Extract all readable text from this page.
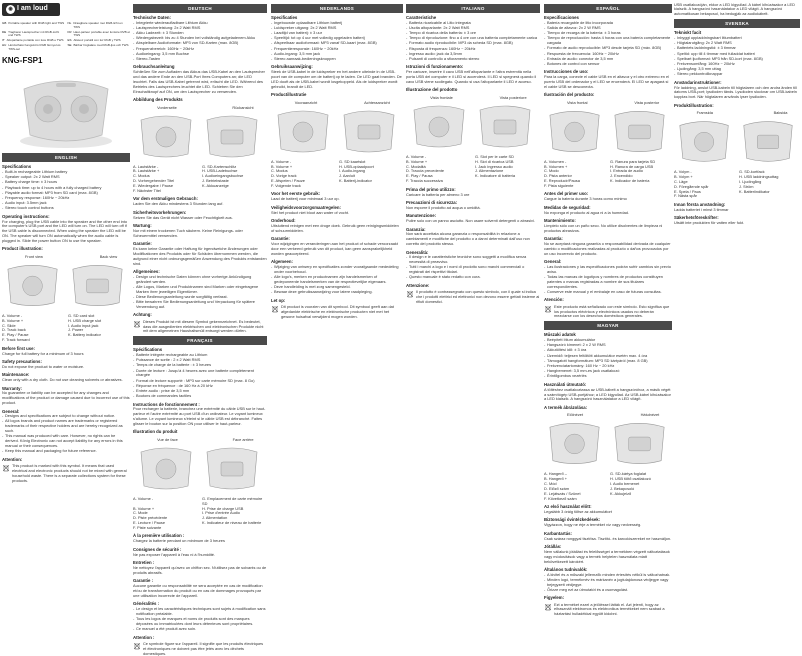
◉ I am loud
GB Portable speaker with RGB light and TWS NL Draagbare speaker met RGB-licht en TWS
DE Tragbarer Lautsprecher mit RGB-Licht und TWS
FR Haut-parleur portable avec lumière RVB et TWS
IT Altoparlante portatile con luce RGB e TWS ES Altavoz portátil con luz RGB y TWS
HU Hordozható hangszóró RGB fénnyel és TWS-sel
SE Bärbar högtalare med RGB-ljus och TWS
KNG-FSP1
ENGLISH
Specifications
- Built-in rechargeable Lithium battery
- Speaker output: 2x 2 Watt RMS
- Battery charge time: ± 3 hours
- Playback time: up to 4 hours with a fully charged battery
- Playable audio format: MP3 from SD card (max. 8GB)
- Frequency response: 160Hz ~ 20kHz
- Audio input: 3.5mm jack
- Stereo touch control buttons
Operating instructions:

For charging, plug the USB cable into the speaker and the other end into the computer's USB port and the LED will turn on. The LED will turn off if the USB cable is disconnected. When using the speaker the LED will be ON. The speaker will turn ON automatically when the audio cable is plugged in. Slide the power button ON to use the speaker.

Product illustration:
Front view	Back view
A. Volume -	G. SD card slot
B. Volume +	H. USB charge slot
C. Slide	I. Audio input jack
D. Track back	J. Power
E. Play / Pause	K. Battery indicator
F. Track forward
Before first use:

Charge for full battery for a minimum of 3 hours

Safety precautions:

Do not expose the product to water or moisture.

Maintenance:

Clean only with a dry cloth. Do not use cleaning solvents or abrasives.

Warranty:

No guarantee or liability can be accepted for any changes and modifications of the product or damage caused due to incorrect use of this product.

General:
- Designs and specifications are subject to change without notice.
- All logos brands and product names are trademarks or registered trademarks of their respective holders and are hereby recognized as such.
- This manual was produced with care. However, no rights can be derived. König Electronic can not accept liability for any errors in this manual or their consequences.
- Keep this manual and packaging for future reference.
Attention:

This product is marked with this symbol. It means that used electrical and electronic products should not be mixed with general household waste. There is a separate collections system for these products.

DEUTSCH
Technische Daten:
- Integrierte wiederaufladbare Lithium Akku
- Lautsprecherleistung: 2x 2 Watt RMS
- Akku Ladezeit: ± 3 Stunden
- Wiedergabezeit: bis zu 4 Stunden bei vollständig aufgeladenem Akku
- Abspielbare Audioformate: MP3 von SD-Karten (max. 8GB)
- Frequenzbereich: 160Hz ~ 20kHz
- Audioeingang: 3,5 mm Buchse
- Stereo-Tasten
Gebrauchsanleitung

Schließen Sie zum Aufladen das Akkus das USB-Kabel an den Lautsprecher und das andere Ende an den USB-Port Ihres Computers an; die LED leuchtet. Falls das USB-Kabel getrennt wird, erlischt die LED. Während des Betriebs des Lautsprechers leuchtet die LED. Schieben Sie den Einschaltknopf auf ON, um den Lautsprecher zu verwenden.

Abbildung des Produkts
Vorderseite	Rückansicht
A. Lautstärke -	G. SD-Kartenschlitz
B. Lautstärke +	H. USB-Ladebuchse
C. Modus	I. Audioeingangsbuchse
D. Vorhergehender Titel	J. Betriebstaste
E. Wiedergabe / Pause	K. Akkuanzeige
F. Nächster Titel
Vor dem erstmaligen Gebrauch:

Laden Sie den Akku mindestens 3 Stunden lang auf.

Sicherheitsvorkehrungen:

Setzen Sie das Gerät nicht Wasser oder Feuchtigkeit aus.

Wartung:

Nur mit einem trockenen Tuch säubern. Keine Reinigungs- oder Scheuermittel verwenden.

Garantie:

Es kann keine Garantie oder Haftung für irgendwelche Änderungen oder Modifikationen des Produkts oder für Schäden übernommen werden, die aufgrund einer nicht ordnungsgemäßen Anwendung des Produkts entstanden sind.

Allgemeines:
- Design und technische Daten können ohne vorherige Ankündigung geändert werden.
- Alle Logos, Marken und Produktnamen sind Marken oder eingetragene Marken ihrer jeweiligen Eigentümer.
- Diese Bedienungsanleitung wurde sorgfältig verfasst.
- Bitte bewahren Sie Bedienungsanleitung und Verpackung für spätere Verwendung auf.
Achtung:

Dieses Produkt ist mit diesem Symbol gekennzeichnet. Es bedeutet, dass die ausgedienten elektrischen und elektronischen Produkte nicht mit dem allgemeinen Haushaltsmüll entsorgt werden dürfen.

FRANÇAIS
Spécifications
- Batterie intégrée rechargeable au Lithium
- Puissance de sortie : 2 x 2 Watt RMS
- Temps de charge de la batterie : ± 3 heures
- Durée de lecture : Jusqu'à 4 heures avec une batterie complètement chargée
- Format de lecture supporté : MP3 sur carte mémoire SD (max. 8 Go)
- Réponse en fréquence : de 160 Hz à 20 kHz
- Entrée audio : prise de 3,5 mm
- Boutons de commandes tactiles
Instructions de fonctionnement :

Pour recharger la batterie, branchez une extrémité du câble USB sur le haut-parleur et l'autre extrémité au port USB d'un ordinateur. Le voyant lumineux s'allume. Le voyant lumineux s'éteint si le câble USB est débranché. Faites glisser le bouton sur la position ON pour utiliser le haut-parleur.

Illustration du produit
Vue de face	Face arrière
A. Volume -	G. Emplacement de carte mémoire SD
B. Volume +	H. Prise de charge USB
C. Mode	I. Prise d'entrée Audio
D. Piste précédente	J. Alimentation
E. Lecture / Pause	K. Indicateur de niveau de batterie
F. Piste suivante
À la première utilisation :

Chargez la batterie pendant un minimum de 3 heures

Consignes de sécurité :

Ne pas exposer l'appareil à l'eau ni à l'humidité.

Entretien :

Ne nettoyez l'appareil qu'avec un chiffon sec. N'utilisez pas de solvants ou de produits abrasifs.

Garantie :

Aucune garantie ou responsabilité ne sera acceptée en cas de modification et/ou de transformation du produit ou en cas de dommages provoqués par une utilisation incorrecte de l'appareil.

Généralités :
- Le design et les caractéristiques techniques sont sujets à modification sans notification préalable.
- Tous les logos de marques et noms de produits sont des marques déposées ou immatriculées dont leurs détenteurs sont propriétaires.
- Ce manuel a été produit avec soin.
Attention :

Ce symbole figure sur l'appareil. Il signifie que les produits électriques et électroniques ne doivent pas être jetés avec les déchets domestiques.

NEDERLANDS
Specificaties
- Ingebouwde oplaadbare Lithium batterij
- Luidspreker uitgang: 2x 2 Watt RMS
- Laadtijd van batterij: ± 3 uur
- Speeltijd: tot op 4 uur met volledig opgeladen batterij
- Afspeelbaar audioformaat: MP3 vanaf SD-kaart (max. 8GB)
- Frequentieresponsie: 160Hz ~ 20kHz
- Audio-ingang: 3,5 mm jack
- Stereo aanraak-bedieningsknoppen
Gebruiksaanwijzing:

Steek de USB-kabel in de luidspreker en het andere uiteinde in de USB-poort van de computer om de batterij op te laden. De LED gaat branden. De LED dooft als de USB-kabel wordt losgekoppeld. Als de luidspreker wordt gebruikt, brandt de LED.

Productillustratie
Vooraanzicht	Achteraanzicht
A. Volume -	G. SD kaartslot
B. Volume +	H. USB-oplaadpoort
C. Modus	I. Audio-ingang
D. Vorige track	J. Aan/uit
E. Afspelen / Pauze	K. Batterij-indicator
F. Volgende track
Voor het eerste gebruik:

Laad de batterij voor minimaal 3 uur op.

Veiligheidsvoorzorgsmaatregelen:

Stel het product niet bloot aan water of vocht.

Onderhoud:

Uitsluitend reinigen met een droge doek. Gebruik geen reinigingsmiddelen of schuurmiddelen.

Garantie:

Voor wijzigingen en veranderingen aan het product of schade veroorzaakt door een verkeerd gebruik van dit product, kan geen aansprakelijkheid worden geaccepteerd.

Algemeen:
- Wijziging van ontwerp en specificaties zonder voorafgaande mededeling onder voorbehoud.
- Alle logo's, merken en productnamen zijn handelsmerken of gedeponeerde handelsmerken van de respectievelijke eigenaars.
- Deze handleiding is met zorg samengesteld.
- Bewaar deze gebruiksaanwijzing voor latere raadpleging.
Let op:

Dit product is voorzien van dit symbool. Dit symbool geeft aan dat afgedankte elektrische en elektronische producten niet met het gewone huisafval verwijderd mogen worden.

ITALIANO
Caratteristiche
- Batteria ricaricabile al Litio integrata
- Uscita altoparlante: 2x 2 Watt RMS
- Tempo di ricarica della batteria: ± 3 ore
- Tempo di riproduzione: fino a 4 ore con una batteria completamente carica
- Formato audio riproducibile: MP3 da scheda SD (max. 8GB)
- Risposta di frequenza: 160Hz ~ 20kHz
- Ingresso audio: jack da 3,5mm
- Pulsanti di controllo a sfioramento stereo
Istruzioni di funzionamento:

Per caricare, inserire il cavo USB nell'altoparlante e l'altra estremità nella porta USB del computer e il LED si accenderà. Il LED si spegnerà quando il cavo USB viene scollegato. Quando si usa l'altoparlante il LED è acceso.

Illustrazione del prodotto
Vista frontale	Vista posteriore
A. Volume -	G. Slot per le carte SD
B. Volume +	H. Slot di ricarica USB
C. Modalità	I. Jack ingresso audio
D. Traccia precedente	J. Alimentazione
E. Play / Pausa	K. Indicatore di batteria
F. Traccia successiva
Prima del primo utilizzo:

Caricare la batteria per almeno 3 ore

Precauzioni di sicurezza:

Non esporre il prodotto ad acqua o umidità.

Manutenzione:

Pulire solo con un panno asciutto. Non usare solventi detergenti o abrasivi.

Garanzia:

Non sarà accettata alcuna garanzia o responsabilità in relazione a cambiamenti e modifiche del prodotto o a danni determinati dall'uso non corretto del prodotto stesso.

Generalità:
- Il design e le caratteristiche tecniche sono soggetti a modifica senza necessità di preavviso.
- Tutti i marchi a logo e i nomi di prodotto sono marchi commerciali o registrati dei rispettivi titolari.
- Questo manuale è stato redatto con cura.
Attenzione:

Il prodotto è contrassegnato con questo simbolo, con il quale si indica che i prodotti elettrici ed elettronici non devono essere gettati insieme ai rifiuti domestici.

ESPAÑOL
Especificaciones
- Batería recargable de litio incorporada
- Salida de altavoz: 2x 2 W RMS
- Tiempo de recarga de la batería: ± 3 horas
- Tiempo de reproducción: hasta 4 horas con una batería completamente cargada
- Formato de audio reproducible: MP3 desde tarjeta SD (máx. 8GB)
- Respuesta de frecuencia: 160Hz ~ 20kHz
- Entrada de audio: conector de 3,5 mm
- Botones de control con sensor
Instrucciones de uso:

Para la carga, conecte el cable USB en el altavoz y el otro extremo en el puerto USB del ordenador y el LED se encenderá. El LED se apagará si el cable USB se desconecta.

Ilustración del producto:
Vista frontal	Vista posterior
A. Volumen -	G. Ranura para tarjeta SD
B. Volumen +	H. Ranura de carga USB
C. Modo	I. Entrada de audio
D. Pista anterior	J. Encendido
E. Reproducir/Pausa	K. Indicador de batería
F. Pista siguiente
Antes del primer uso:

Cargue la batería durante 3 horas como mínimo

Medidas de seguridad:

No exponga el producto al agua ni a la humedad.

Mantenimiento:

Límpielo sólo con un paño seco. No utilice disolventes de limpieza ni productos abrasivos.

Garantía:

No se aceptará ninguna garantía o responsabilidad derivada de cualquier cambio o modificaciones realizadas al producto o daños provocados por un uso incorrecto del producto.

General:
- Las ilustraciones y las especificaciones podrán sufrir cambios sin previo aviso.
- Todas las marcas de logotipos y nombres de productos constituyen patentes o marcas registradas a nombre de sus titulares correspondientes.
- Conserve este manual y el embalaje en caso de futuras consultas.
Atención:

Este producto está señalizado con este símbolo. Esto significa que los productos eléctricos y electrónicos usados no deberán mezclarse con los desechos domésticos generales.

MAGYAR
Műszaki adatok
- Beépített lítium akkumulátor
- Hangszóró kimenet: 2 x 2 W RMS
- Akkutöltési idő: ± 3 óra
- Üzemidő: teljesen feltöltött akkumulátor esetén max. 4 óra
- Támogatott hangformátum: MP3 SD kártyáról (max. 8 GB)
- Frekvenciatartomány: 160 Hz ~ 20 kHz
- Hangbemenet: 3,5 mm-es jack csatlakozó
- Érintőgombos vezérlés
Használati útmutató:

A töltéshez csatlakoztassa az USB-kábelt a hangszóróhoz, a másik végét a számítógép USB-portjához; a LED kigyullad. Az USB-kábel kihúzásakor a LED kialszik. A hangszóró használatakor a LED világít.

A termék ábrázolása:
Elölnézet	Hátulnézet
A. Hangerő –	G. SD-kártya foglalat
B. Hangerő +	H. USB töltő csatlakozó
C. Mód	I. Audio bemenet
D. Előző szám	J. Bekapcsoló
E. Lejátszás / Szünet	K. Akkujelző
F. Következő szám
Az első használat előtt:

Legalább 3 óráig töltse az akkumulátort

Biztonsági óvintézkedések:

Vigyázzon, hogy ne érje a terméket víz vagy nedvesség.

Karbantartás:

Csak száraz ronggyal tisztítsa. Tisztító- és karcolószereket ne használjon.

Jótállás:

Nem vállalunk jótállást és felelősséget a termékben végzett változtatások vagy módosítások vagy a termék helytelen használata miatt bekövetkezett károkért.

Általános tudnivalók:
- A kivitel és a műszaki jellemzők minden értesítés nélkül is változhatnak.
- Minden logó, termékmév és márkanév a jogtulajdonosa védjegye vagy bejegyzett védjegye.
- Őrizze meg ezt az útmutatót és a csomagolást.
Figyelem:

Ezt a terméket ezzel a jelöléssel látták el. Azt jelenti, hogy az elhasznált elektromos és elektronikus termékeket nem szabad a háztartási hulladékkal együtt kidobni.

USB csatlakozóján, ekkor a LED kigyullad. A kábel kihúzásakor a LED kialszik. A hangszóró használatakor a LED világít. A hangszóró automatikusan bekapcsol, ha bedugják az audiokábelt.

SVENSKA
Tekniskt facit
- Inbyggt uppladdningsbart litiumbatteri
- Högtalarutgång: 2x 2 Watt RMS
- Batteriets laddningstid: ± 3 timmar
- Speltid: upp till 4 timmar med fulladdat batteri
- Spelbart ljudformat: MP3 från SD-kort (max. 8GB)
- Frekvensomfång: 160Hz ~ 20kHz
- Ljudingång: 3,5 mm uttag
- Stereo pekkontrollknappar
Användarinstruktioner:

För laddning, anslut USB-kabeln till högtalaren och den andra änden till datorns USB-port; lysdioden tänds. Lysdioden slocknar om USB-kabeln kopplas bort. När högtalaren används lyser lysdioden.

Produktillustration:
Framsida	Baksida
A. Volym -	G. SD-kortfack
B. Volym +	H. USB laddningsuttag
C. Läge	I. Ljudingång
D. Föregående spår	J. Ström
E. Spela / Paus	K. Batteriindikator
F. Nästa spår
Innan första användning:

Ladda batteriet i minst 3 timmar

Säkerhetsföreskrifter:

Utsätt inte produkten för vatten eller fukt.
